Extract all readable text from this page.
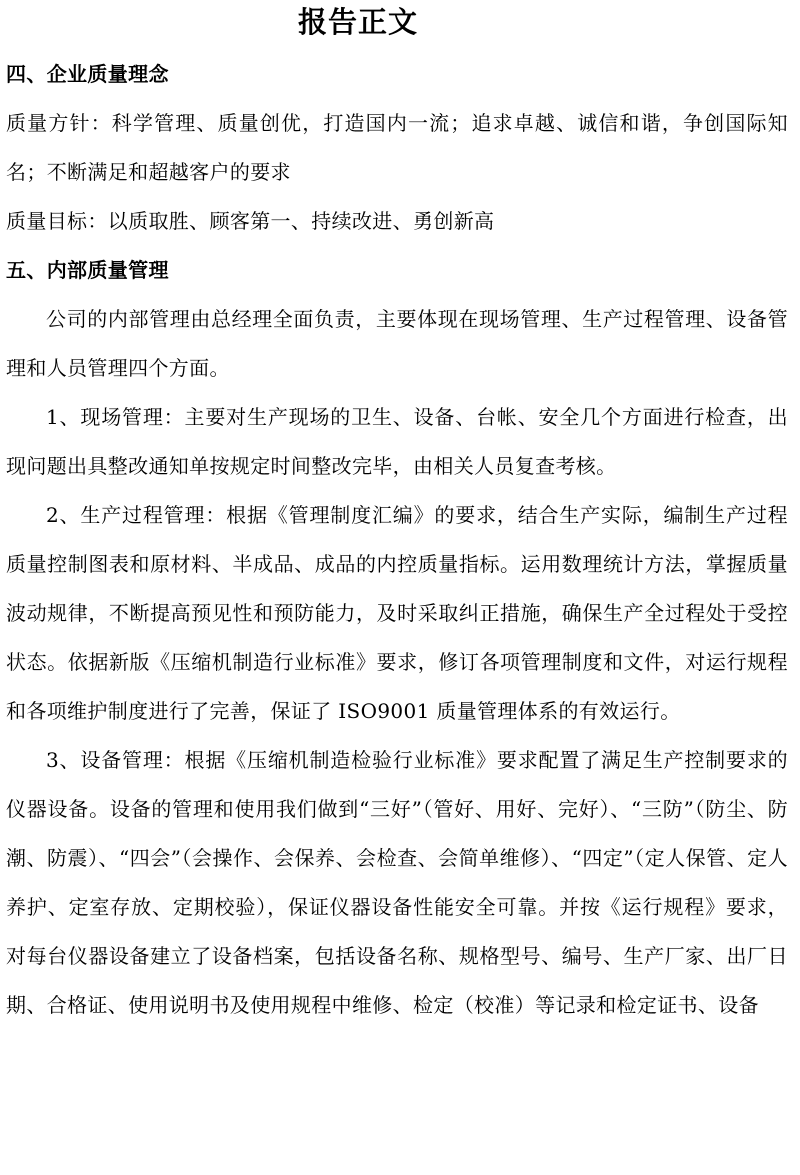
报告正文

四、企业质量理念

质量方针：科学管理、质量创优，打造国内一流；追求卓越、诚信和谐，争创国际知名；不断满足和超越客户的要求

质量目标：以质取胜、顾客第一、持续改进、勇创新高

五、内部质量管理

公司的内部管理由总经理全面负责，主要体现在现场管理、生产过程管理、设备管理和人员管理四个方面。

1、现场管理：主要对生产现场的卫生、设备、台帐、安全几个方面进行检查，出现问题出具整改通知单按规定时间整改完毕，由相关人员复查考核。

2、生产过程管理：根据《管理制度汇编》的要求，结合生产实际，编制生产过程质量控制图表和原材料、半成品、成品的内控质量指标。运用数理统计方法，掌握质量波动规律，不断提高预见性和预防能力，及时采取纠正措施，确保生产全过程处于受控状态。依据新版《压缩机制造行业标准》要求，修订各项管理制度和文件，对运行规程和各项维护制度进行了完善，保证了 ISO9001 质量管理体系的有效运行。

3、设备管理：根据《压缩机制造检验行业标准》要求配置了满足生产控制要求的仪器设备。设备的管理和使用我们做到“三好”（管好、用好、完好）、“三防”（防尘、防潮、防震）、“四会”（会操作、会保养、会检查、会简单维修）、“四定”（定人保管、定人养护、定室存放、定期校验），保证仪器设备性能安全可靠。并按《运行规程》要求，对每台仪器设备建立了设备档案，包括设备名称、规格型号、编号、生产厂家、出厂日期、合格证、使用说明书及使用规程中维修、检定（校准）等记录和检定证书、设备
